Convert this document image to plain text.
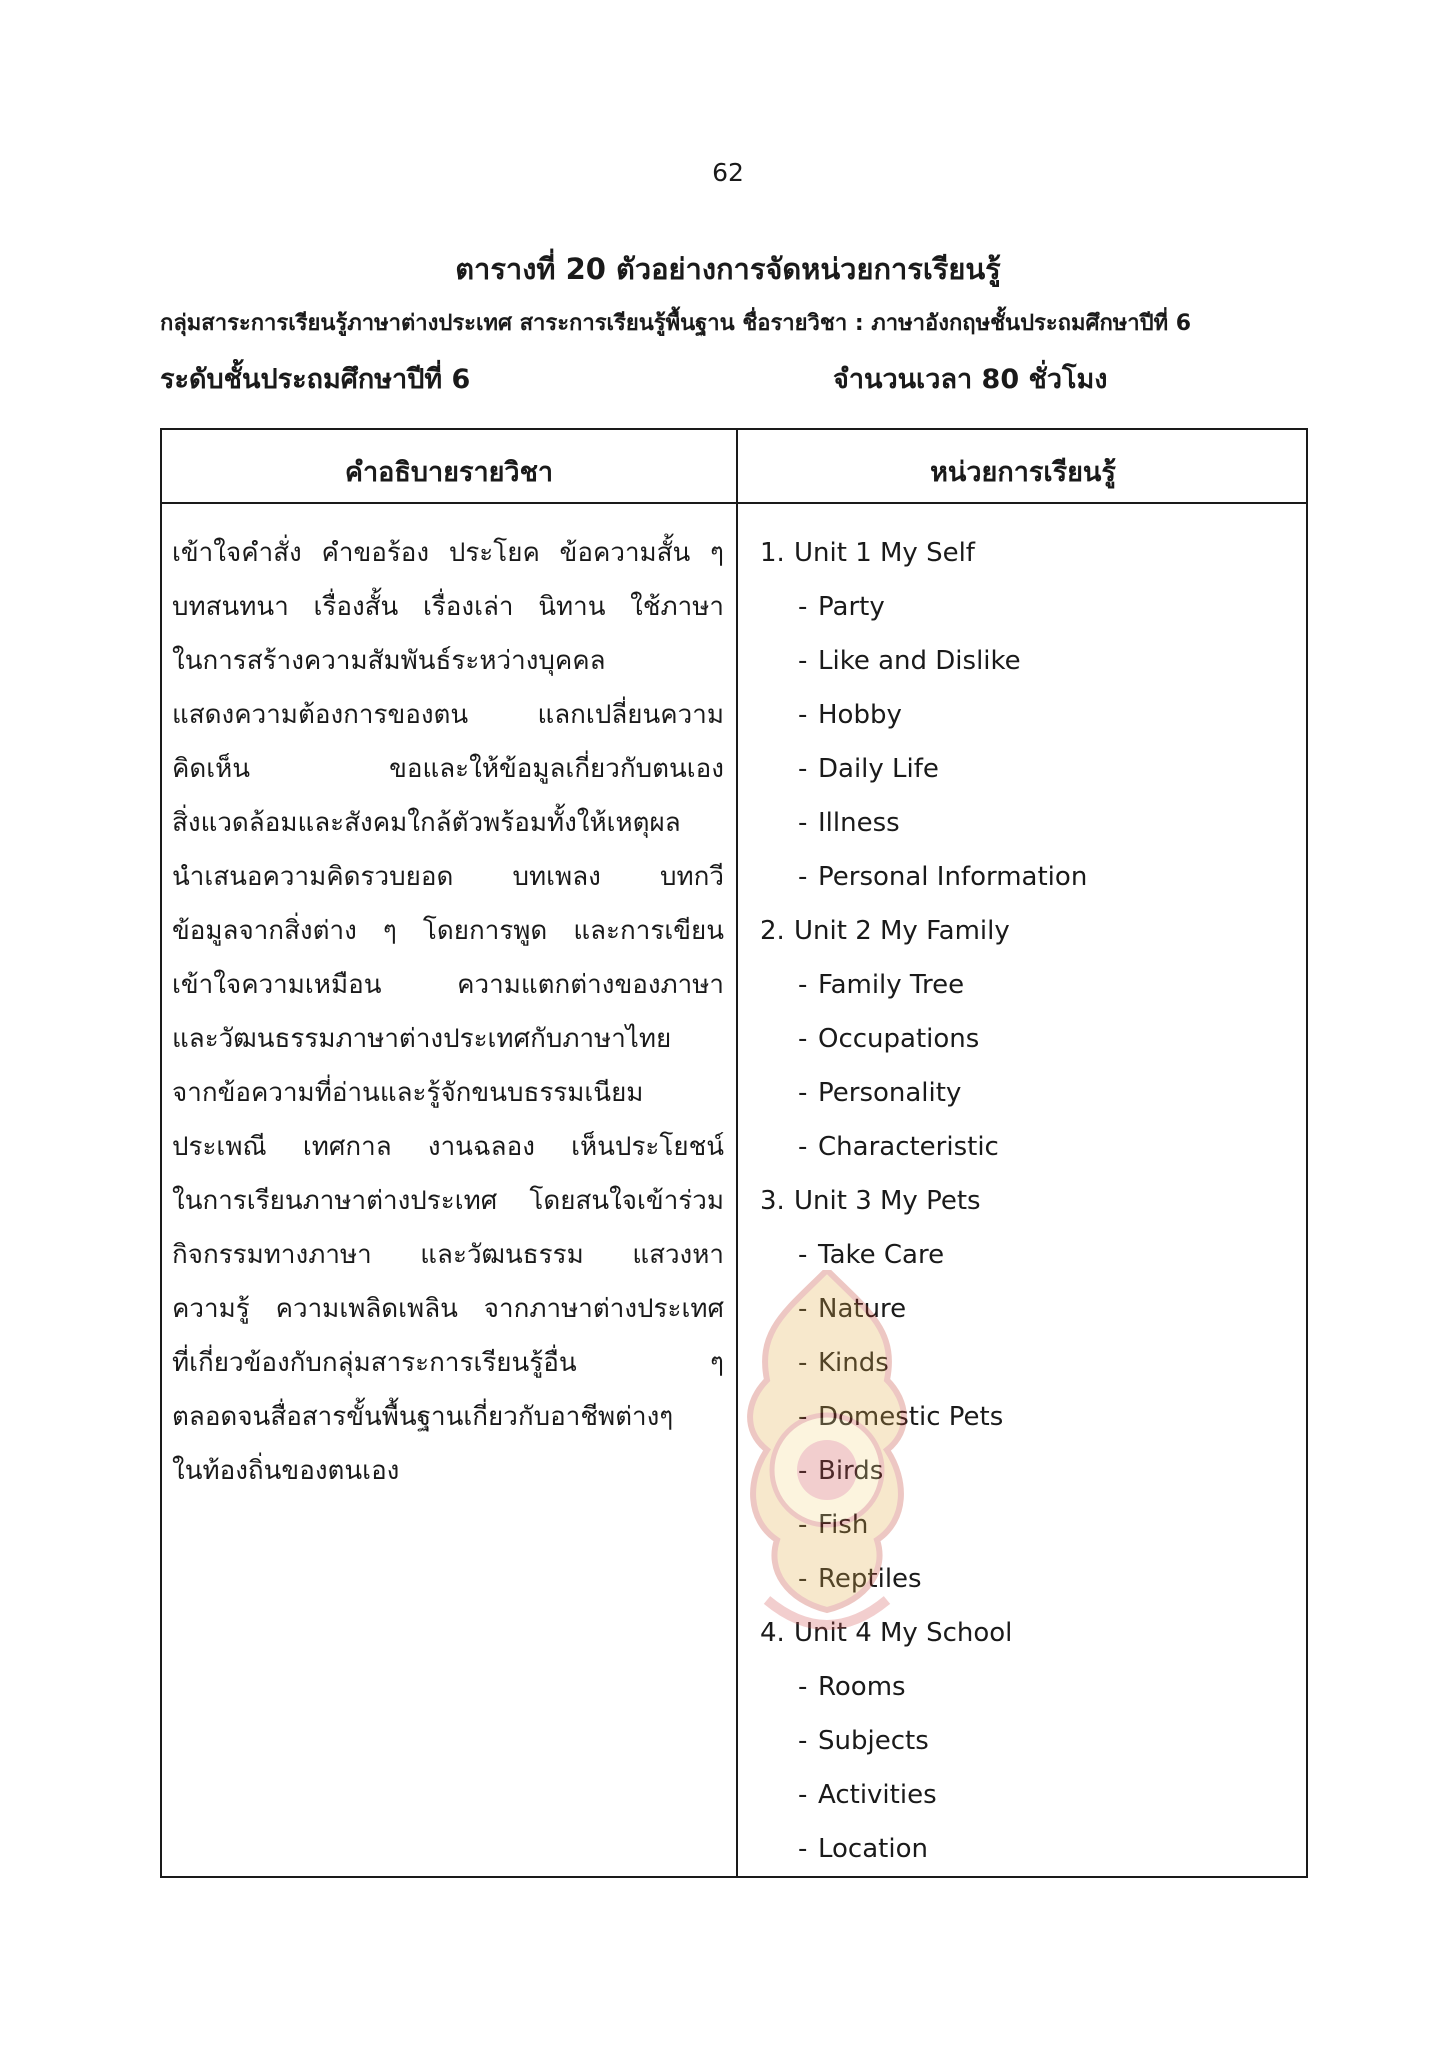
62
ตารางที่ 20 ตัวอย่างการจัดหน่วยการเรียนรู้
กลุ่มสาระการเรียนรู้ภาษาต่างประเทศ สาระการเรียนรู้พื้นฐาน ชื่อรายวิชา : ภาษาอังกฤษชั้นประถมศึกษาปีที่ 6
ระดับชั้นประถมศึกษาปีที่ 6	จำนวนเวลา 80 ชั่วโมง
คำอธิบายรายวิชา	หน่วยการเรียนรู้
เข้าใจคำสั่ง คำขอร้อง ประโยค ข้อความสั้น ๆ
บทสนทนา เรื่องสั้น เรื่องเล่า นิทาน ใช้ภาษา
ในการสร้างความสัมพันธ์ระหว่างบุคคล
แสดงความต้องการของตน แลกเปลี่ยนความ
คิดเห็น ขอและให้ข้อมูลเกี่ยวกับตนเอง
สิ่งแวดล้อมและสังคมใกล้ตัวพร้อมทั้งให้เหตุผล
นำเสนอความคิดรวบยอด บทเพลง บทกวี
ข้อมูลจากสิ่งต่าง ๆ โดยการพูด และการเขียน
เข้าใจความเหมือน ความแตกต่างของภาษา
และวัฒนธรรมภาษาต่างประเทศกับภาษาไทย
จากข้อความที่อ่านและรู้จักขนบธรรมเนียม
ประเพณี เทศกาล งานฉลอง เห็นประโยชน์
ในการเรียนภาษาต่างประเทศ โดยสนใจเข้าร่วม
กิจกรรมทางภาษา และวัฒนธรรม แสวงหา
ความรู้ ความเพลิดเพลิน จากภาษาต่างประเทศ
ที่เกี่ยวข้องกับกลุ่มสาระการเรียนรู้อื่น ๆ
ตลอดจนสื่อสารขั้นพื้นฐานเกี่ยวกับอาชีพต่างๆ
ในท้องถิ่นของตนเอง
1. Unit 1 My Self
- Party
- Like and Dislike
- Hobby
- Daily Life
- Illness
- Personal Information
2. Unit 2 My Family
- Family Tree
- Occupations
- Personality
- Characteristic
3. Unit 3 My Pets
- Take Care
- Nature
- Kinds
- Domestic Pets
- Birds
- Fish
- Reptiles
4. Unit 4 My School
- Rooms
- Subjects
- Activities
- Location
